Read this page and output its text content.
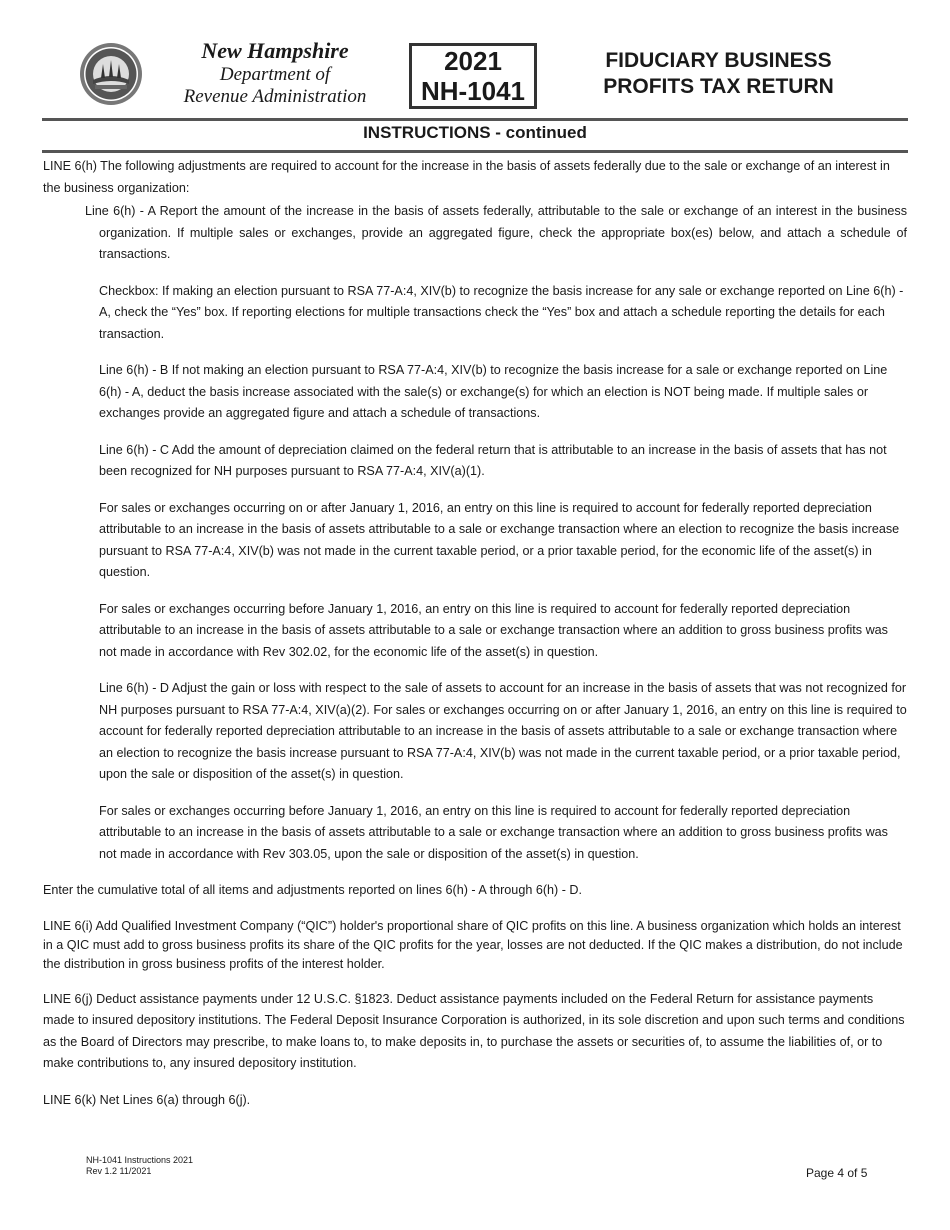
New Hampshire
Department of
Revenue Administration
2021
NH-1041
FIDUCIARY BUSINESS
PROFITS TAX RETURN
INSTRUCTIONS - continued

LINE 6(h) The following adjustments are required to account for the increase in the basis of assets federally due to the sale or exchange of an interest in the business organization:

Line 6(h) - A Report the amount of the increase in the basis of assets federally, attributable to the sale or exchange of an interest in the business organization. If multiple sales or exchanges, provide an aggregated figure, check the appropriate box(es) below, and attach a schedule of transactions.

Checkbox: If making an election pursuant to RSA 77-A:4, XIV(b) to recognize the basis increase for any sale or exchange reported on Line 6(h) - A, check the “Yes” box. If reporting elections for multiple transactions check the “Yes” box and attach a schedule reporting the details for each transaction.

Line 6(h) - B If not making an election pursuant to RSA 77-A:4, XIV(b) to recognize the basis increase for a sale or exchange reported on Line 6(h) - A, deduct the basis increase associated with the sale(s) or exchange(s) for which an election is NOT being made. If multiple sales or exchanges provide an aggregated figure and attach a schedule of transactions.

Line 6(h) - C Add the amount of depreciation claimed on the federal return that is attributable to an increase in the basis of assets that has not been recognized for NH purposes pursuant to RSA 77-A:4, XIV(a)(1).

For sales or exchanges occurring on or after January 1, 2016, an entry on this line is required to account for federally reported depreciation attributable to an increase in the basis of assets attributable to a sale or exchange transaction where an election to recognize the basis increase pursuant to RSA 77-A:4, XIV(b) was not made in the current taxable period, or a prior taxable period, for the economic life of the asset(s) in question.

For sales or exchanges occurring before January 1, 2016, an entry on this line is required to account for federally reported depreciation attributable to an increase in the basis of assets attributable to a sale or exchange transaction where an addition to gross business profits was not made in accordance with Rev 302.02, for the economic life of the asset(s) in question.

Line 6(h) - D Adjust the gain or loss with respect to the sale of assets to account for an increase in the basis of assets that was not recognized for NH purposes pursuant to RSA 77-A:4, XIV(a)(2). For sales or exchanges occurring on or after January 1, 2016, an entry on this line is required to account for federally reported depreciation attributable to an increase in the basis of assets attributable to a sale or exchange transaction where an election to recognize the basis increase pursuant to RSA 77-A:4, XIV(b) was not made in the current taxable period, or a prior taxable period, upon the sale or disposition of the asset(s) in question.

For sales or exchanges occurring before January 1, 2016, an entry on this line is required to account for federally reported depreciation attributable to an increase in the basis of assets attributable to a sale or exchange transaction where an addition to gross business profits was not made in accordance with Rev 303.05, upon the sale or disposition of the asset(s) in question.

Enter the cumulative total of all items and adjustments reported on lines 6(h) - A through 6(h) - D.

LINE 6(i) Add Qualified Investment Company (“QIC”) holder's proportional share of QIC profits on this line. A business organization which holds an interest in a QIC must add to gross business profits its share of the QIC profits for the year, losses are not deducted. If the QIC makes a distribution, do not include the distribution in gross business profits of the interest holder.

LINE 6(j) Deduct assistance payments under 12 U.S.C. §1823. Deduct assistance payments included on the Federal Return for assistance payments made to insured depository institutions. The Federal Deposit Insurance Corporation is authorized, in its sole discretion and upon such terms and conditions as the Board of Directors may prescribe, to make loans to, to make deposits in, to purchase the assets or securities of, to assume the liabilities of, or to make contributions to, any insured depository institution.

LINE 6(k) Net Lines 6(a) through 6(j).

NH-1041 Instructions 2021
Rev 1.2 11/2021	Page 4 of 5
